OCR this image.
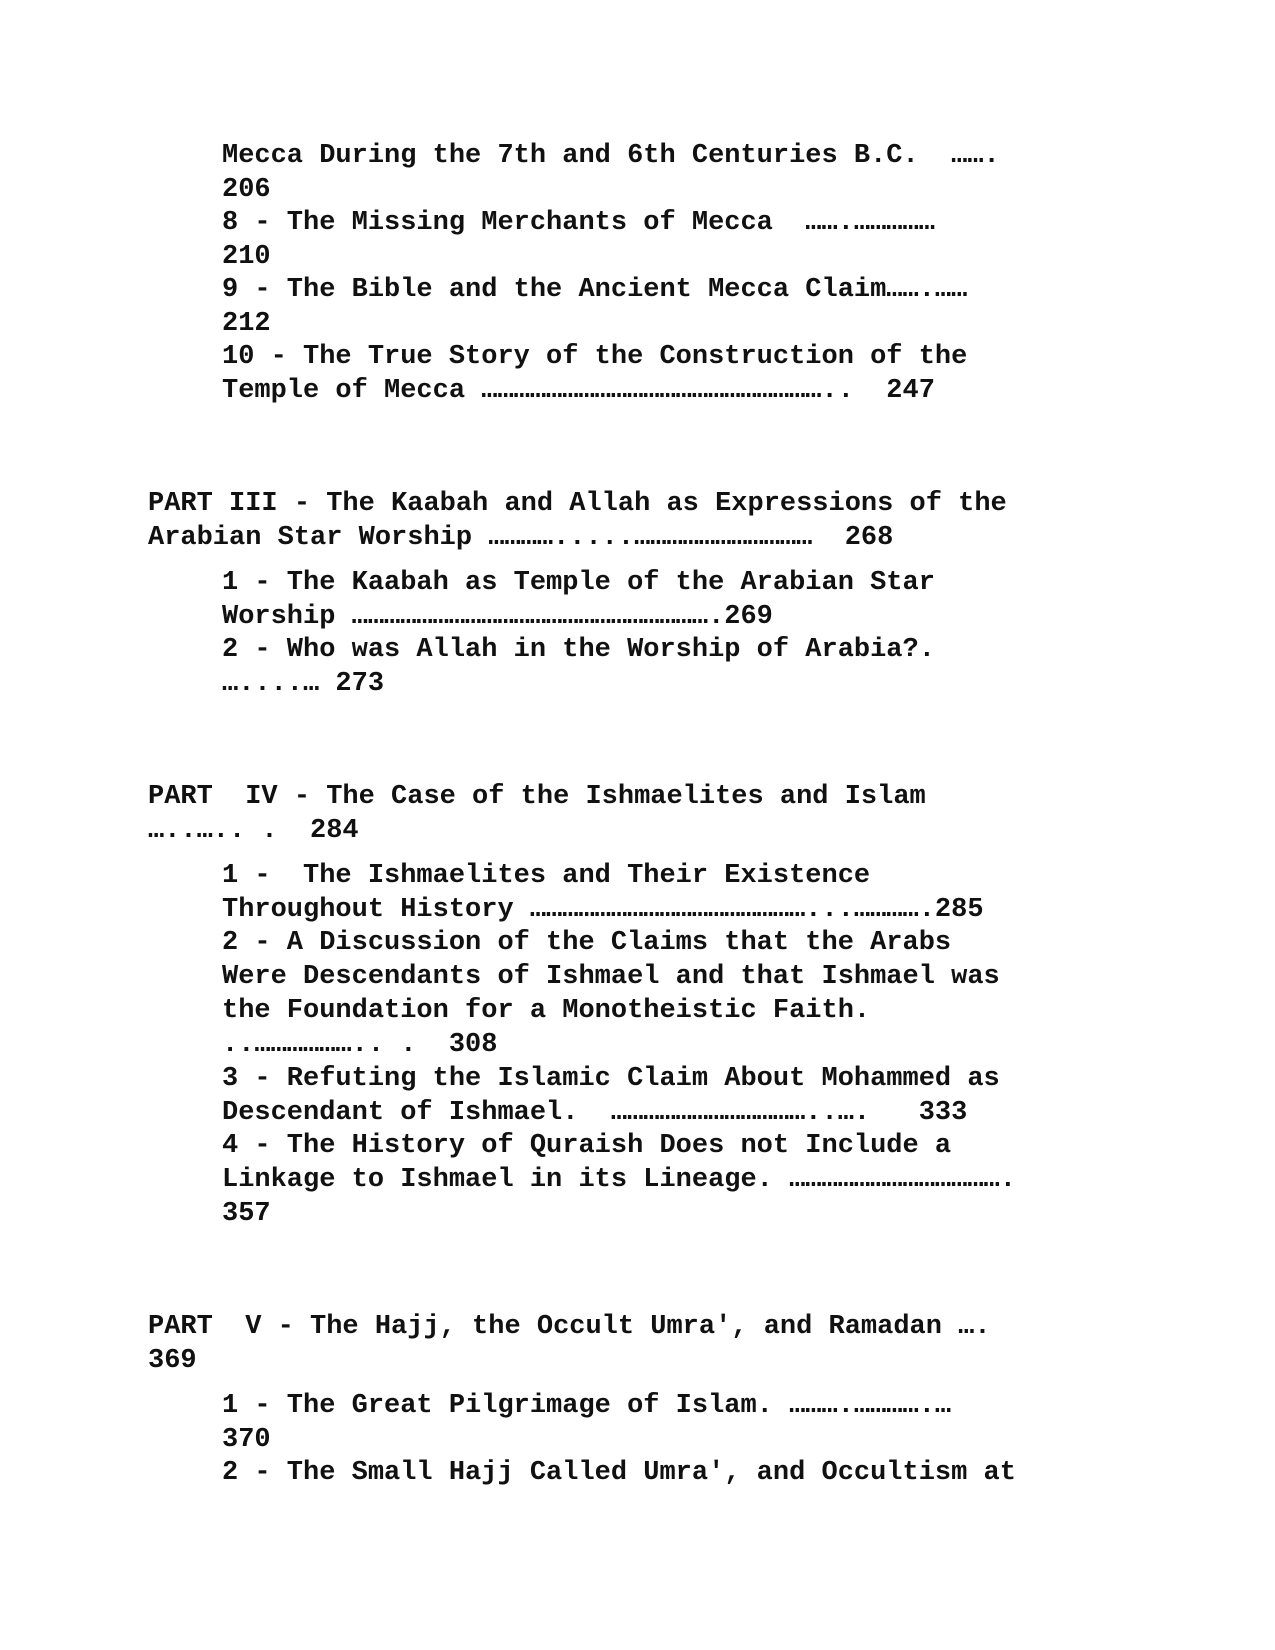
Mecca During the 7th and 6th Centuries B.C.  …….
206
8 - The Missing Merchants of Mecca  …….……………
210
9 - The Bible and the Ancient Mecca Claim…….……
212
10 - The True Story of the Construction of the
Temple of Mecca ………………………………………………………..  247
PART III - The Kaabah and Allah as Expressions of the
Arabian Star Worship ………….....……………………………  268
1 - The Kaabah as Temple of the Arabian Star
Worship ………………………………………………………….269
2 - Who was Allah in the Worship of Arabia?.
…....… 273
PART  IV - The Case of the Ishmaelites and Islam
…..….. .  284
1 -  The Ishmaelites and Their Existence
Throughout History ……………………………………………...………….285
2 - A Discussion of the Claims that the Arabs
Were Descendants of Ishmael and that Ishmael was
the Foundation for a Monotheistic Faith.
..……………….. .  308
3 - Refuting the Islamic Claim About Mohammed as
Descendant of Ishmael.  ………………………………..….   333
4 - The History of Quraish Does not Include a
Linkage to Ishmael in its Lineage. ………………………………….
357
PART  V - The Hajj, the Occult Umra', and Ramadan ….
369
1 - The Great Pilgrimage of Islam. ……….………….…
370
2 - The Small Hajj Called Umra', and Occultism at
